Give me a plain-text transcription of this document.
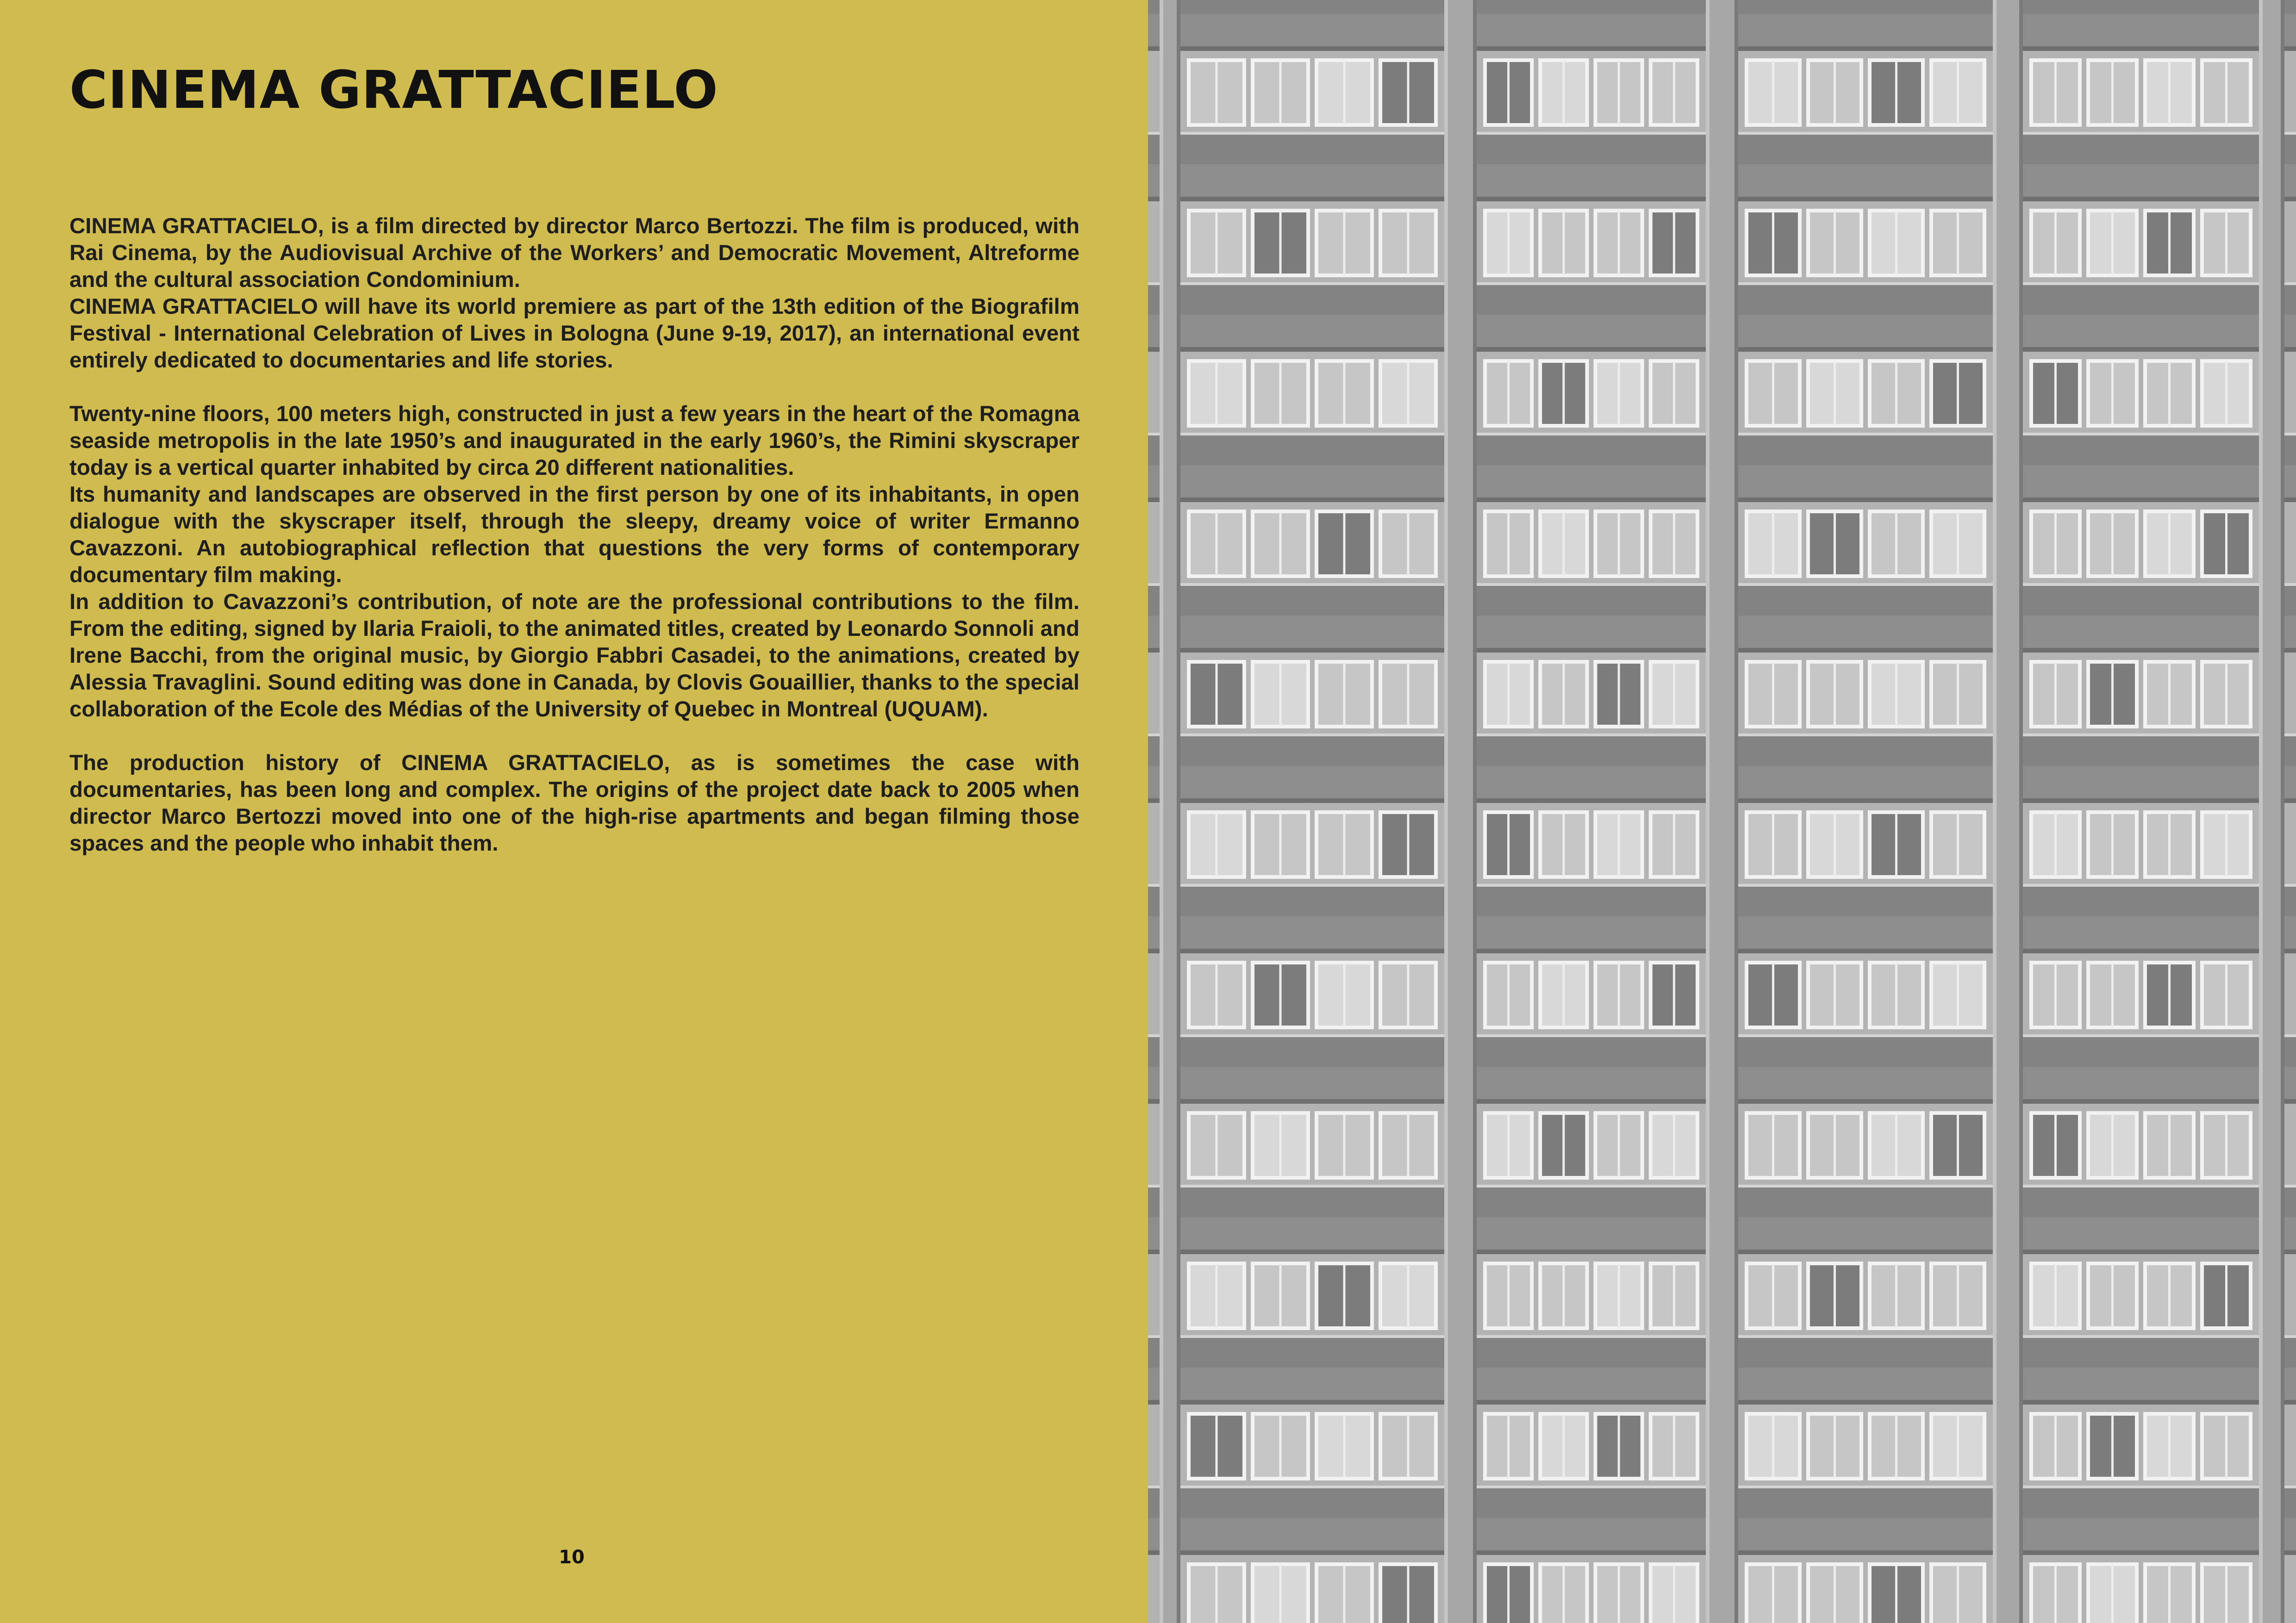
CINEMA GRATTACIELO

CINEMA GRATTACIELO, is a film directed by director Marco Bertozzi. The film is produced, with Rai Cinema, by the Audiovisual Archive of the Workers’ and Democratic Movement, Altreforme and the cultural association Condominium.

CINEMA GRATTACIELO will have its world premiere as part of the 13th edition of the Biografilm Festival - International Celebration of Lives in Bologna (June 9-19, 2017), an international event entirely dedicated to documentaries and life stories.

Twenty-nine floors, 100 meters high, constructed in just a few years in the heart of the Romagna seaside metropolis in the late 1950’s and inaugurated in the early 1960’s, the Rimini skyscraper today is a vertical quarter inhabited by circa 20 different nationalities.

Its humanity and landscapes are observed in the first person by one of its inhabitants, in open dialogue with the skyscraper itself, through the sleepy, dreamy voice of writer Ermanno Cavazzoni. An autobiographical reflection that questions the very forms of contemporary documentary film making.

In addition to Cavazzoni’s contribution, of note are the professional contributions to the film. From the editing, signed by Ilaria Fraioli, to the animated titles, created by Leonardo Sonnoli and Irene Bacchi, from the original music, by Giorgio Fabbri Casadei, to the animations, created by Alessia Travaglini. Sound editing was done in Canada, by Clovis Gouaillier, thanks to the special collaboration of the Ecole des Médias of the University of Quebec in Montreal (UQUAM).

The production history of CINEMA GRATTACIELO, as is sometimes the case with documentaries, has been long and complex. The origins of the project date back to 2005 when director Marco Bertozzi moved into one of the high-rise apartments and began filming those spaces and the people who inhabit them.

10
